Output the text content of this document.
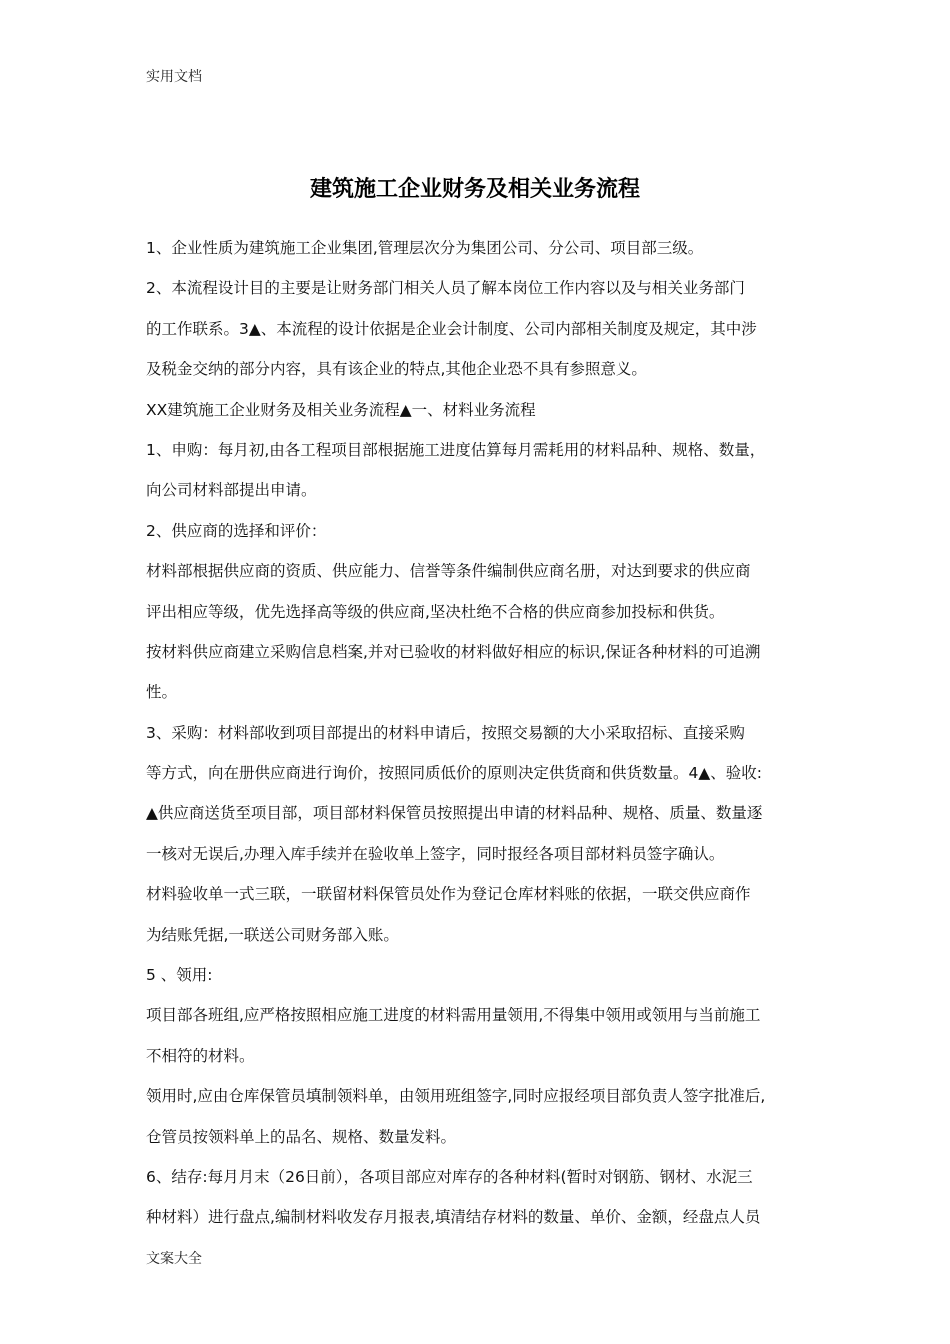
实用文档
建筑施工企业财务及相关业务流程
1、企业性质为建筑施工企业集团,管理层次分为集团公司、分公司、项目部三级。
2、本流程设计目的主要是让财务部门相关人员了解本岗位工作内容以及与相关业务部门
的工作联系。3▲、本流程的设计依据是企业会计制度、公司内部相关制度及规定，其中涉
及税金交纳的部分内容，具有该企业的特点,其他企业恐不具有参照意义。
XX建筑施工企业财务及相关业务流程▲一、材料业务流程
1、申购：每月初,由各工程项目部根据施工进度估算每月需耗用的材料品种、规格、数量，
向公司材料部提出申请。
2、供应商的选择和评价：
材料部根据供应商的资质、供应能力、信誉等条件编制供应商名册，对达到要求的供应商
评出相应等级，优先选择高等级的供应商,坚决杜绝不合格的供应商参加投标和供货。
按材料供应商建立采购信息档案,并对已验收的材料做好相应的标识,保证各种材料的可追溯
性。
3、采购：材料部收到项目部提出的材料申请后，按照交易额的大小采取招标、直接采购
等方式，向在册供应商进行询价，按照同质低价的原则决定供货商和供货数量。4▲、验收:
▲供应商送货至项目部，项目部材料保管员按照提出申请的材料品种、规格、质量、数量逐
一核对无误后,办理入库手续并在验收单上签字，同时报经各项目部材料员签字确认。
材料验收单一式三联，一联留材料保管员处作为登记仓库材料账的依据，一联交供应商作
为结账凭据,一联送公司财务部入账。
5 、领用:
项目部各班组,应严格按照相应施工进度的材料需用量领用,不得集中领用或领用与当前施工
不相符的材料。
领用时,应由仓库保管员填制领料单，由领用班组签字,同时应报经项目部负责人签字批准后,
仓管员按领料单上的品名、规格、数量发料。
6、结存:每月月末（26日前），各项目部应对库存的各种材料(暂时对钢筋、钢材、水泥三
种材料）进行盘点,编制材料收发存月报表,填清结存材料的数量、单价、金额，经盘点人员
文案大全
